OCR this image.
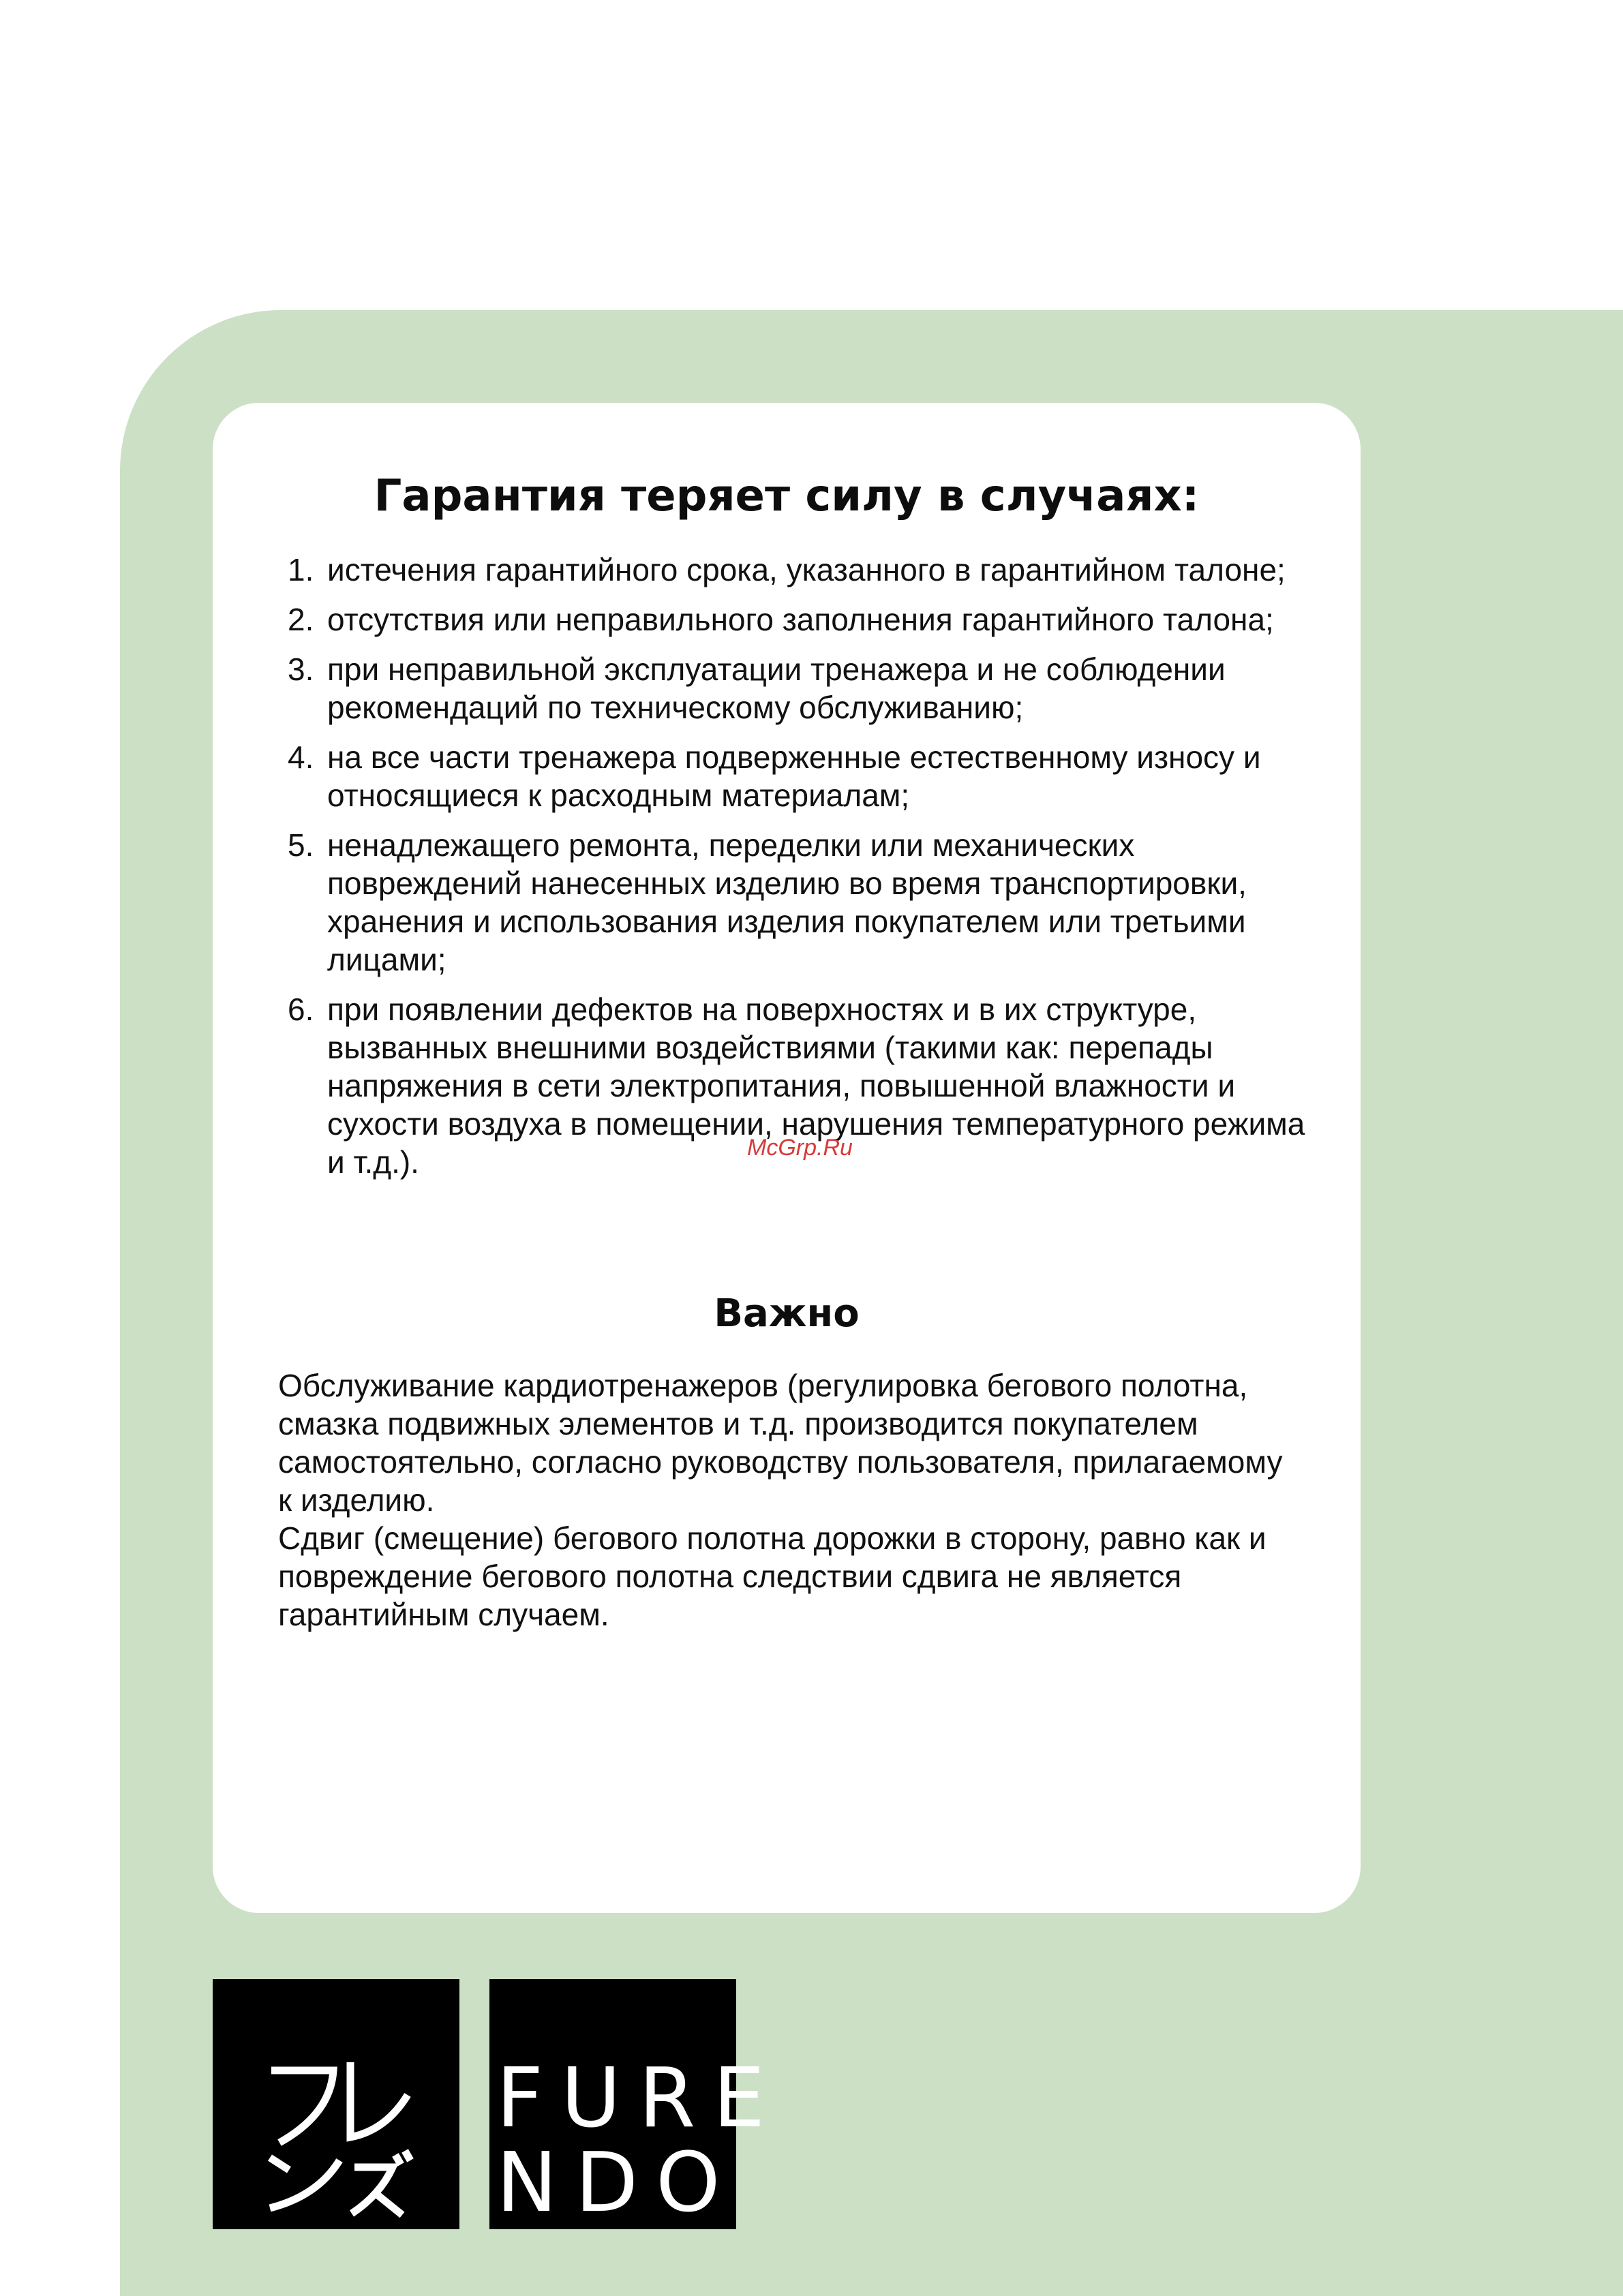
Гарантия теряет силу в случаях:
1. истечения гарантийного срока, указанного в гарантийном талоне;
2. отсутствия или неправильного заполнения гарантийного талона;
3. при неправильной эксплуатации тренажера и не соблюдении рекомендаций по техническому обслуживанию;
4. на все части тренажера подверженные естественному износу и относящиеся к расходным материалам;
5. ненадлежащего ремонта, переделки или механических повреждений нанесенных изделию во время транспортировки, хранения и использования изделия покупателем или третьими лицами;
6. при появлении дефектов на поверхностях и в их структуре, вызванных внешними воздействиями (такими как: перепады напряжения в сети электропитания, повышенной влажности и сухости воздуха в помещении, нарушения температурного режима и т.д.).	McGrp.Ru
Важно

Обслуживание кардиотренажеров (регулировка бегового полотна, смазка подвижных элементов и т.д. производится покупателем самостоятельно, согласно руководству пользователя, прилагаемому к изделию.

Сдвиг (смещение) бегового полотна дорожки в сторону, равно как и повреждение бегового полотна следствии сдвига не является гарантийным случаем.

FURE
NDO
